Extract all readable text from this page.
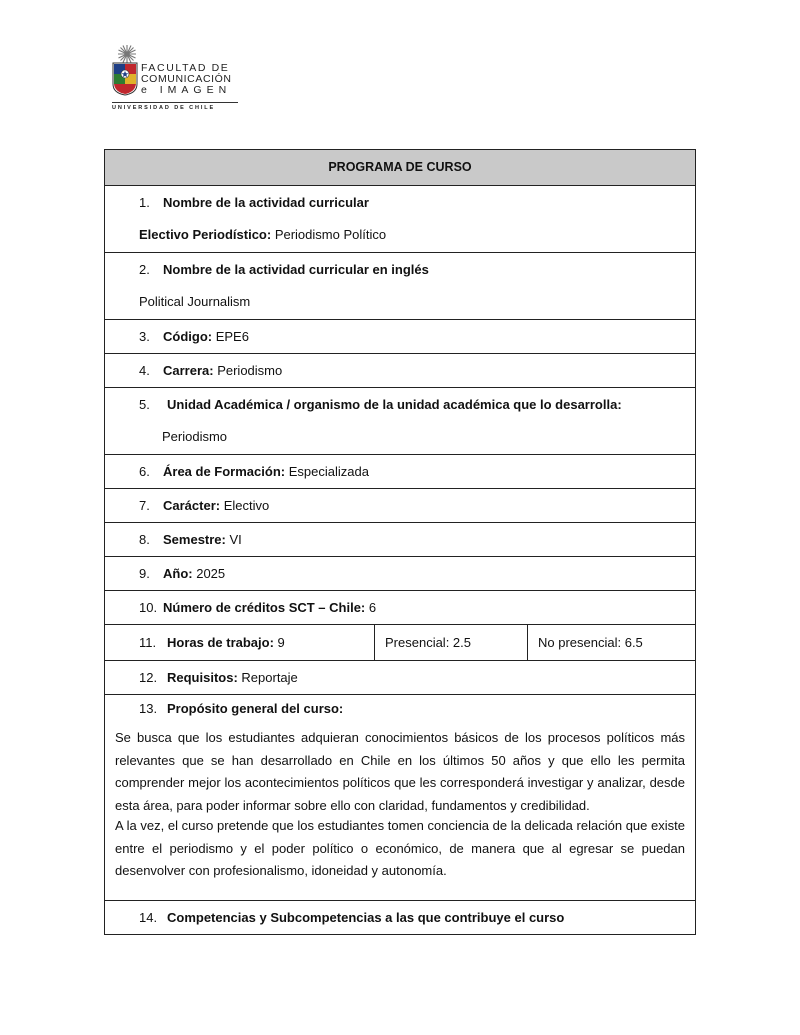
FACULTAD DE
COMUNICACIÓN
e IMAGEN
UNIVERSIDAD DE CHILE
PROGRAMA DE CURSO
1. Nombre de la actividad curricular
Electivo Periodístico: Periodismo Político
2. Nombre de la actividad curricular en inglés
Political Journalism
3. Código: EPE6
4. Carrera: Periodismo
5. Unidad Académica / organismo de la unidad académica que lo desarrolla:
Periodismo
6. Área de Formación: Especializada
7. Carácter: Electivo
8. Semestre: VI
9. Año: 2025
10. Número de créditos SCT – Chile: 6
11. Horas de trabajo: 9	Presencial: 2.5	No presencial: 6.5
12. Requisitos: Reportaje
13. Propósito general del curso:
Se busca que los estudiantes adquieran conocimientos básicos de los procesos políticos más relevantes que se han desarrollado en Chile en los últimos 50 años y que ello les permita comprender mejor los acontecimientos políticos que les corresponderá investigar y analizar, desde esta área, para poder informar sobre ello con claridad, fundamentos y credibilidad.
A la vez, el curso pretende que los estudiantes tomen conciencia de la delicada relación que existe entre el periodismo y el poder político o económico, de manera que al egresar se puedan desenvolver con profesionalismo, idoneidad y autonomía.
14. Competencias y Subcompetencias a las que contribuye el curso
